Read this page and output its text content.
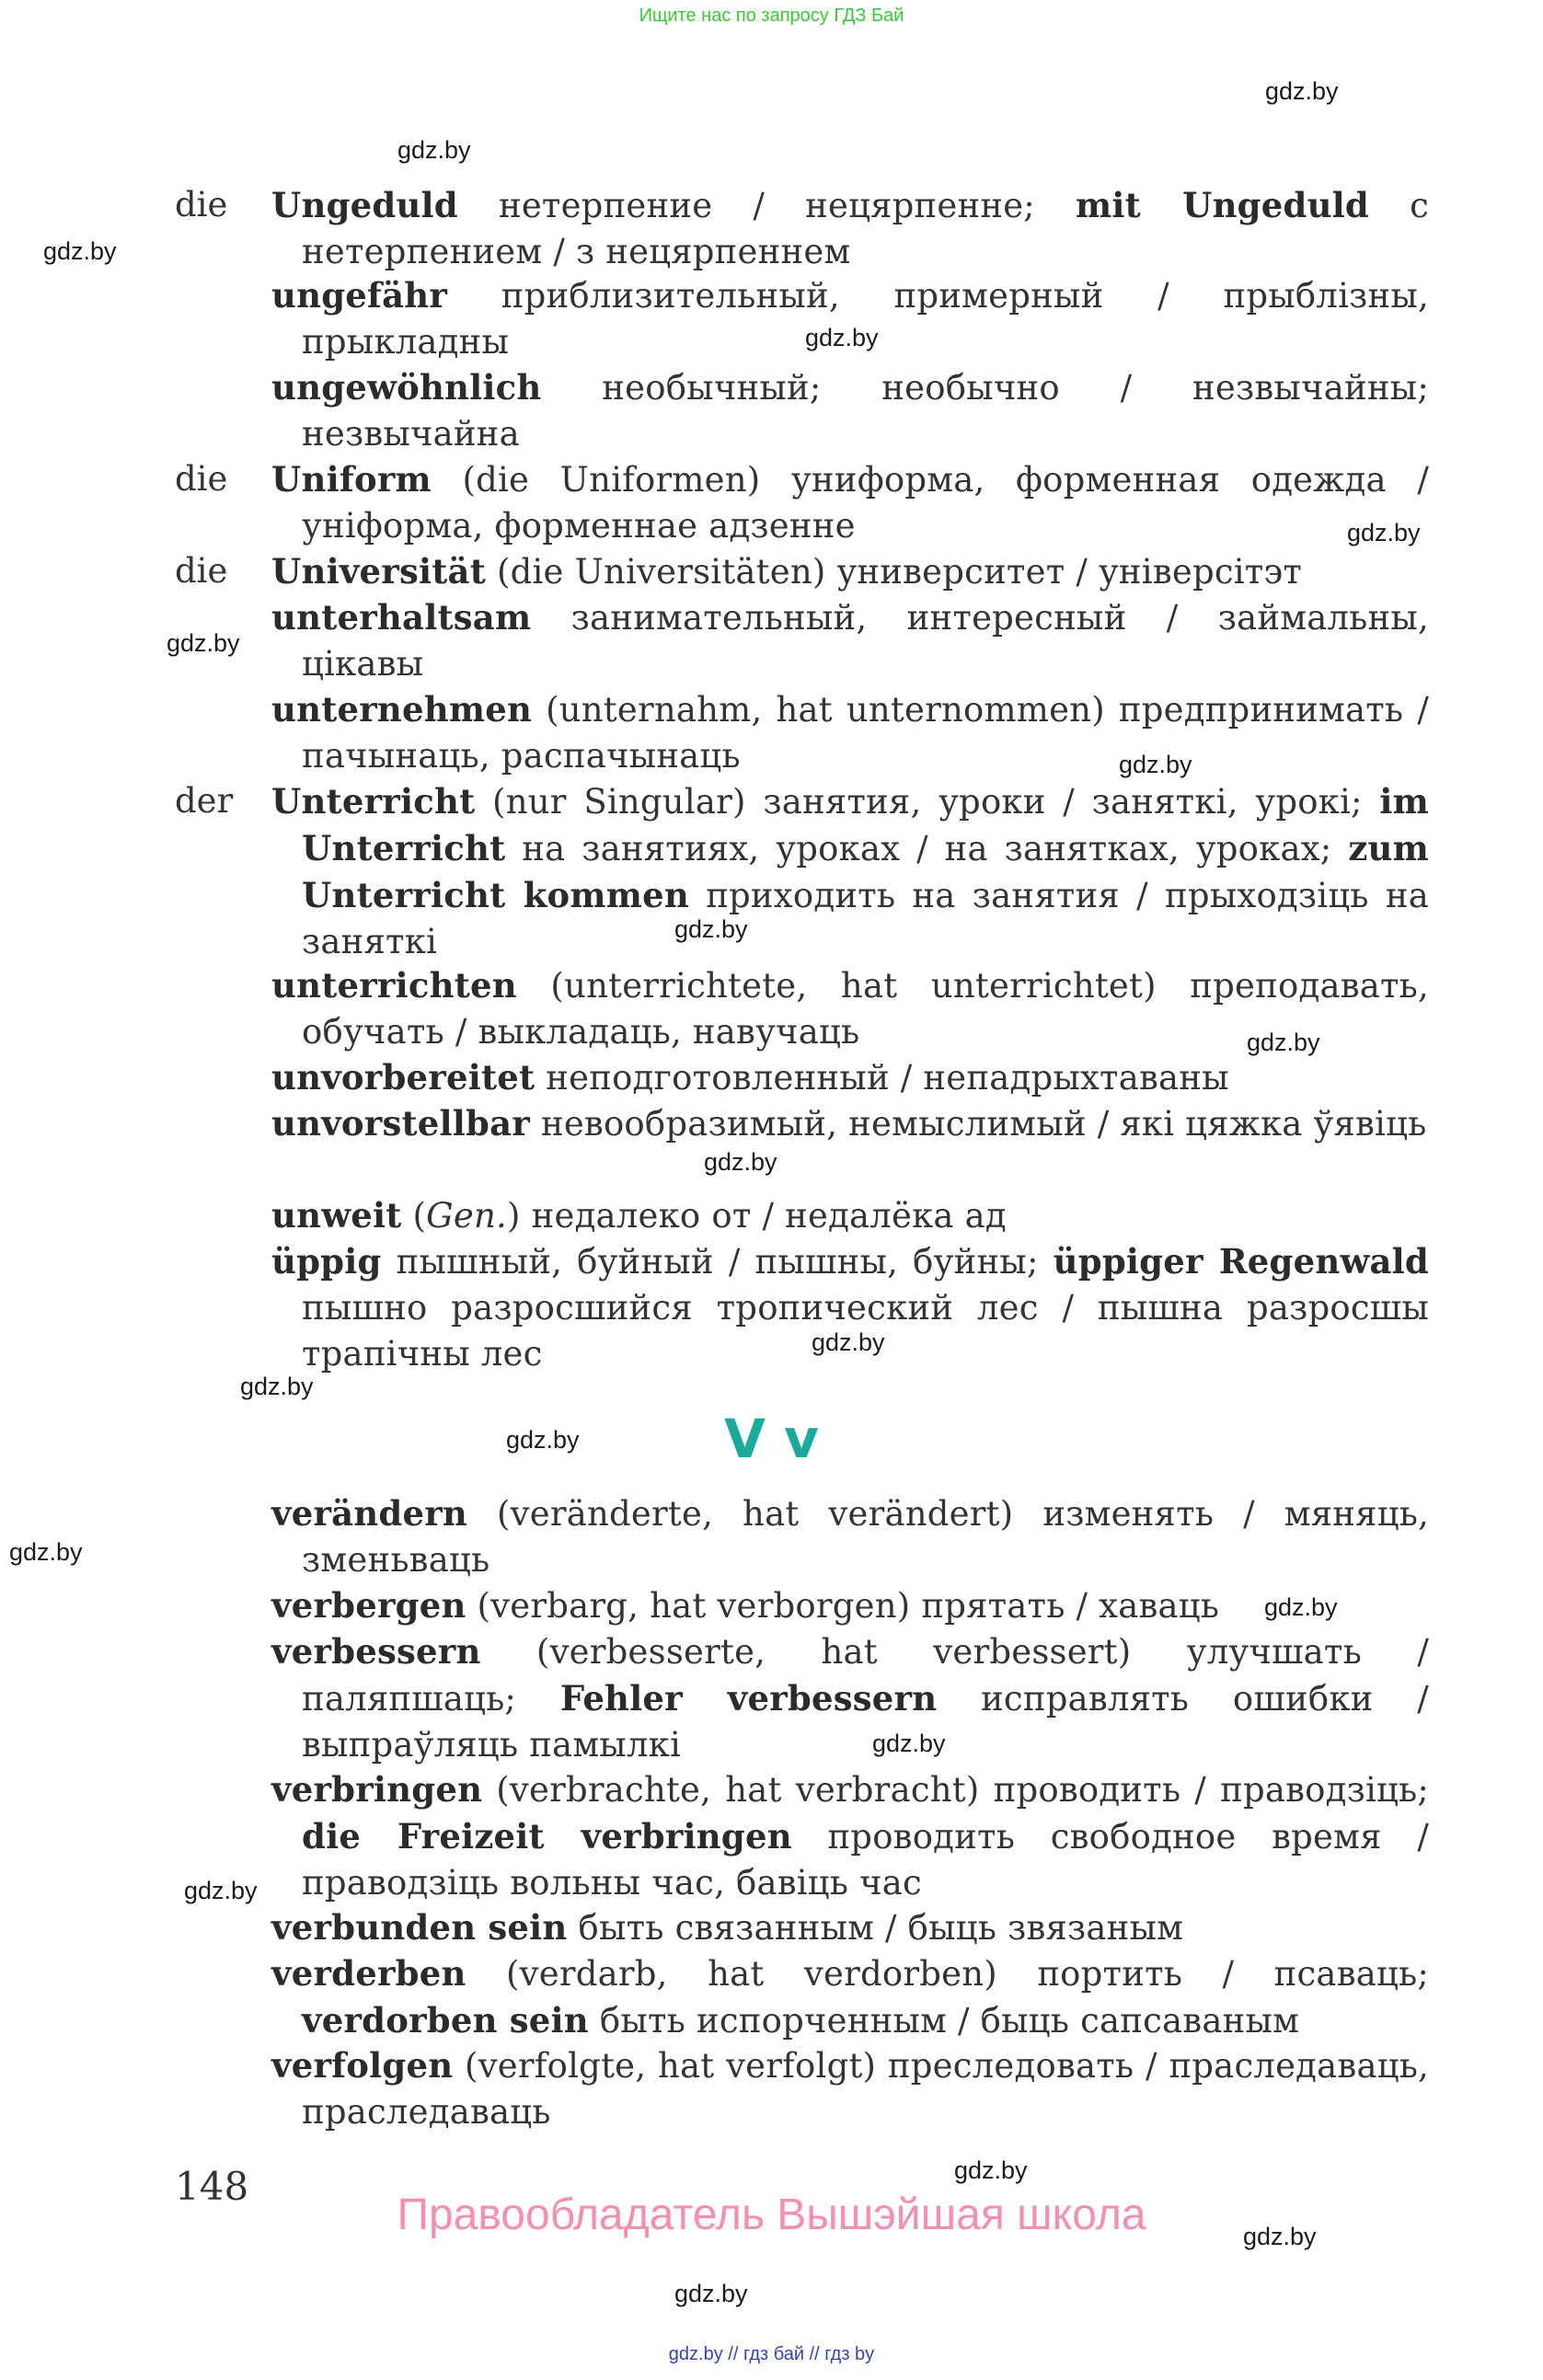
Ищите нас по запросу ГДЗ Бай
gdz.by
gdz.by
gdz.by
gdz.by
gdz.by
gdz.by
gdz.by
gdz.by
gdz.by
gdz.by
gdz.by
gdz.by
gdz.by
gdz.by
gdz.by
gdz.by
gdz.by
gdz.by
gdz.by
gdz.by
die Ungeduld нетерпение / нецярпенне; mit Ungeduld с нетерпением / з нецярпеннем
ungefähr приблизительный, примерный / прыблізны, прыкладны
ungewöhnlich необычный; необычно / незвычайны; незвычайна
die Uniform (die Uniformen) униформа, форменная одежда / уніформа, форменнае адзенне
die Universität (die Universitäten) университет / універсітэт
unterhaltsam занимательный, интересный / займальны, цікавы
unternehmen (unternahm, hat unternommen) предпринимать / пачынаць, распачынаць
der Unterricht (nur Singular) занятия, уроки / заняткі, урокі; im Unterricht на занятиях, уроках / на занятках, уроках; zum Unterricht kommen приходить на занятия / прыходзіць на заняткі
unterrichten (unterrichtete, hat unterrichtet) преподавать, обучать / выкладаць, навучаць
unvorbereitet неподготовленный / непадрыхтаваны
unvorstellbar невообразимый, немыслимый / які цяжка ўявіць
unweit (Gen.) недалеко от / недалёка ад
üppig пышный, буйный / пышны, буйны; üppiger Regenwald пышно разросшийся тропический лес / пышна разросшы трапічны лес
verändern (veränderte, hat verändert) изменять / мяняць, зменьваць
verbergen (verbarg, hat verborgen) прятать / хаваць
verbessern (verbesserte, hat verbessert) улучшать / паляпшаць; Fehler verbessern исправлять ошибки / выпраўляць памылкі
verbringen (verbrachte, hat verbracht) проводить / праводзіць; die Freizeit verbringen проводить свободное время / праводзіць вольны час, бавіць час
verbunden sein быть связанным / быць звязаным
verderben (verdarb, hat verdorben) портить / псаваць; verdorben sein быть испорченным / быць сапсаваным
verfolgen (verfolgte, hat verfolgt) преследовать / праследаваць, праследаваць
V v
148
Правообладатель Вышэйшая школа
gdz.by // гдз бай // гдз by
